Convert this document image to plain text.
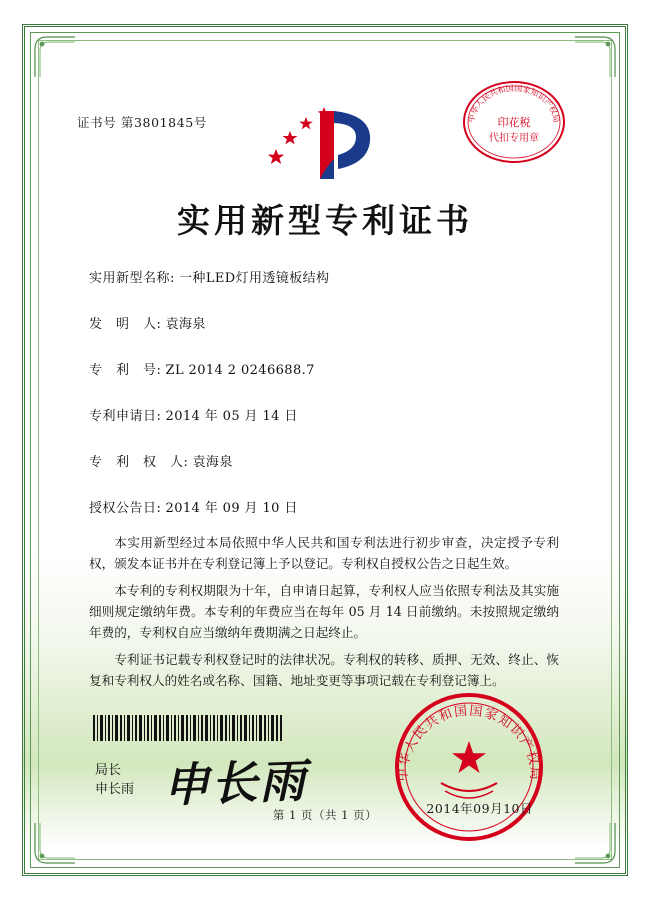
证书号 第3801845号	中华人民共和国国家知识产权局
印花税
代扣专用章
实用新型专利证书
实用新型名称: 一种LED灯用透镜板结构
发　明　人: 袁海泉
专　利　号: ZL 2014 2 0246688.7
专利申请日: 2014 年 05 月 14 日
专　利　权　人: 袁海泉
授权公告日: 2014 年 09 月 10 日
本实用新型经过本局依照中华人民共和国专利法进行初步审查，决定授予专利权，颁发本证书并在专利登记簿上予以登记。专利权自授权公告之日起生效。
本专利的专利权期限为十年，自申请日起算，专利权人应当依照专利法及其实施细则规定缴纳年费。本专利的年费应当在每年 05 月 14 日前缴纳。未按照规定缴纳年费的，专利权自应当缴纳年费期满之日起终止。
专利证书记载专利权登记时的法律状况。专利权的转移、质押、无效、终止、恢复和专利权人的姓名或名称、国籍、地址变更等事项记载在专利登记簿上。
局长
申长雨 申长雨	中华人民共和国国家知识产权局
2014年09月10日
第 1 页（共 1 页）
